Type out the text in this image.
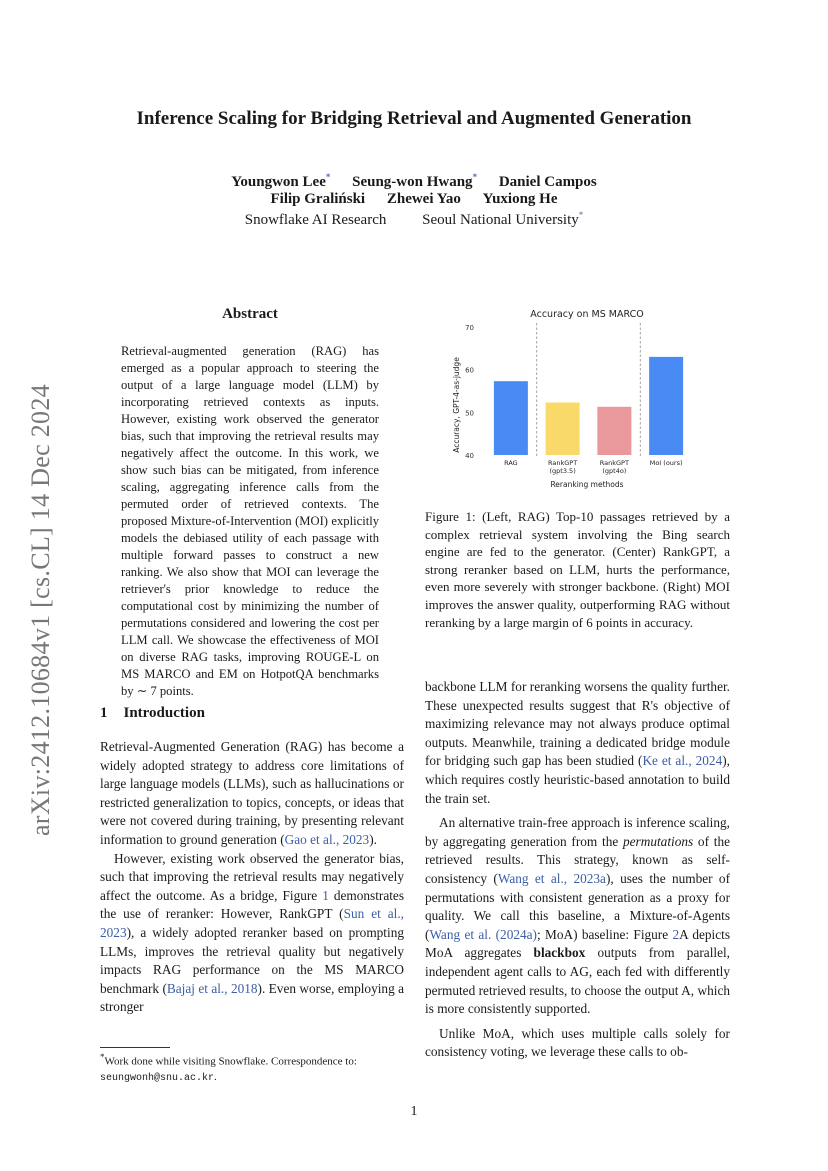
arXiv:2412.10684v1 [cs.CL] 14 Dec 2024
Inference Scaling for Bridging Retrieval and Augmented Generation
Youngwon Lee* Seung-won Hwang* Daniel Campos
Filip Graliński Zhewei Yao Yuxiong He
Snowflake AI Research Seoul National University*
Abstract
Retrieval-augmented generation (RAG) has emerged as a popular approach to steering the output of a large language model (LLM) by incorporating retrieved contexts as inputs. However, existing work observed the generator bias, such that improving the retrieval results may negatively affect the outcome. In this work, we show such bias can be mitigated, from inference scaling, aggregating inference calls from the permuted order of retrieved contexts. The proposed Mixture-of-Intervention (MOI) explicitly models the debiased utility of each passage with multiple forward passes to construct a new ranking. We also show that MOI can leverage the retriever's prior knowledge to reduce the computational cost by minimizing the number of permutations considered and lowering the cost per LLM call. We showcase the effectiveness of MOI on diverse RAG tasks, improving ROUGE-L on MS MARCO and EM on HotpotQA benchmarks by ∼ 7 points.
1 Introduction

Retrieval-Augmented Generation (RAG) has become a widely adopted strategy to address core limitations of large language models (LLMs), such as hallucinations or restricted generalization to topics, concepts, or ideas that were not covered during training, by presenting relevant information to ground generation (Gao et al., 2023).

However, existing work observed the generator bias, such that improving the retrieval results may negatively affect the outcome. As a bridge, Figure 1 demonstrates the use of reranker: However, RankGPT (Sun et al., 2023), a widely adopted reranker based on prompting LLMs, improves the retrieval quality but negatively impacts RAG performance on the MS MARCO benchmark (Bajaj et al., 2018). Even worse, employing a stronger

*Work done while visiting Snowflake. Correspondence to:
seungwonh@snu.ac.kr.
Accuracy on MS MARCO
Accuracy, GPT-4-as-judge
Reranking methods
40
50
60
70
RAG	RankGPT
(gpt3.5)
RankGPT
(gpt4o)
MoI (ours)
Figure 1: (Left, RAG) Top-10 passages retrieved by a complex retrieval system involving the Bing search engine are fed to the generator. (Center) RankGPT, a strong reranker based on LLM, hurts the performance, even more severely with stronger backbone. (Right) MOI improves the answer quality, outperforming RAG without reranking by a large margin of 6 points in accuracy.

backbone LLM for reranking worsens the quality further. These unexpected results suggest that R's objective of maximizing relevance may not always produce optimal outputs. Meanwhile, training a dedicated bridge module for bridging such gap has been studied (Ke et al., 2024), which requires costly heuristic-based annotation to build the train set.

An alternative train-free approach is inference scaling, by aggregating generation from the permutations of the retrieved results. This strategy, known as self-consistency (Wang et al., 2023a), uses the number of permutations with consistent generation as a proxy for quality. We call this baseline, a Mixture-of-Agents (Wang et al. (2024a); MoA) baseline: Figure 2A depicts MoA aggregates blackbox outputs from parallel, independent agent calls to AG, each fed with differently permuted retrieved results, to choose the output A, which is more consistently supported.

Unlike MoA, which uses multiple calls solely for consistency voting, we leverage these calls to ob-

1
